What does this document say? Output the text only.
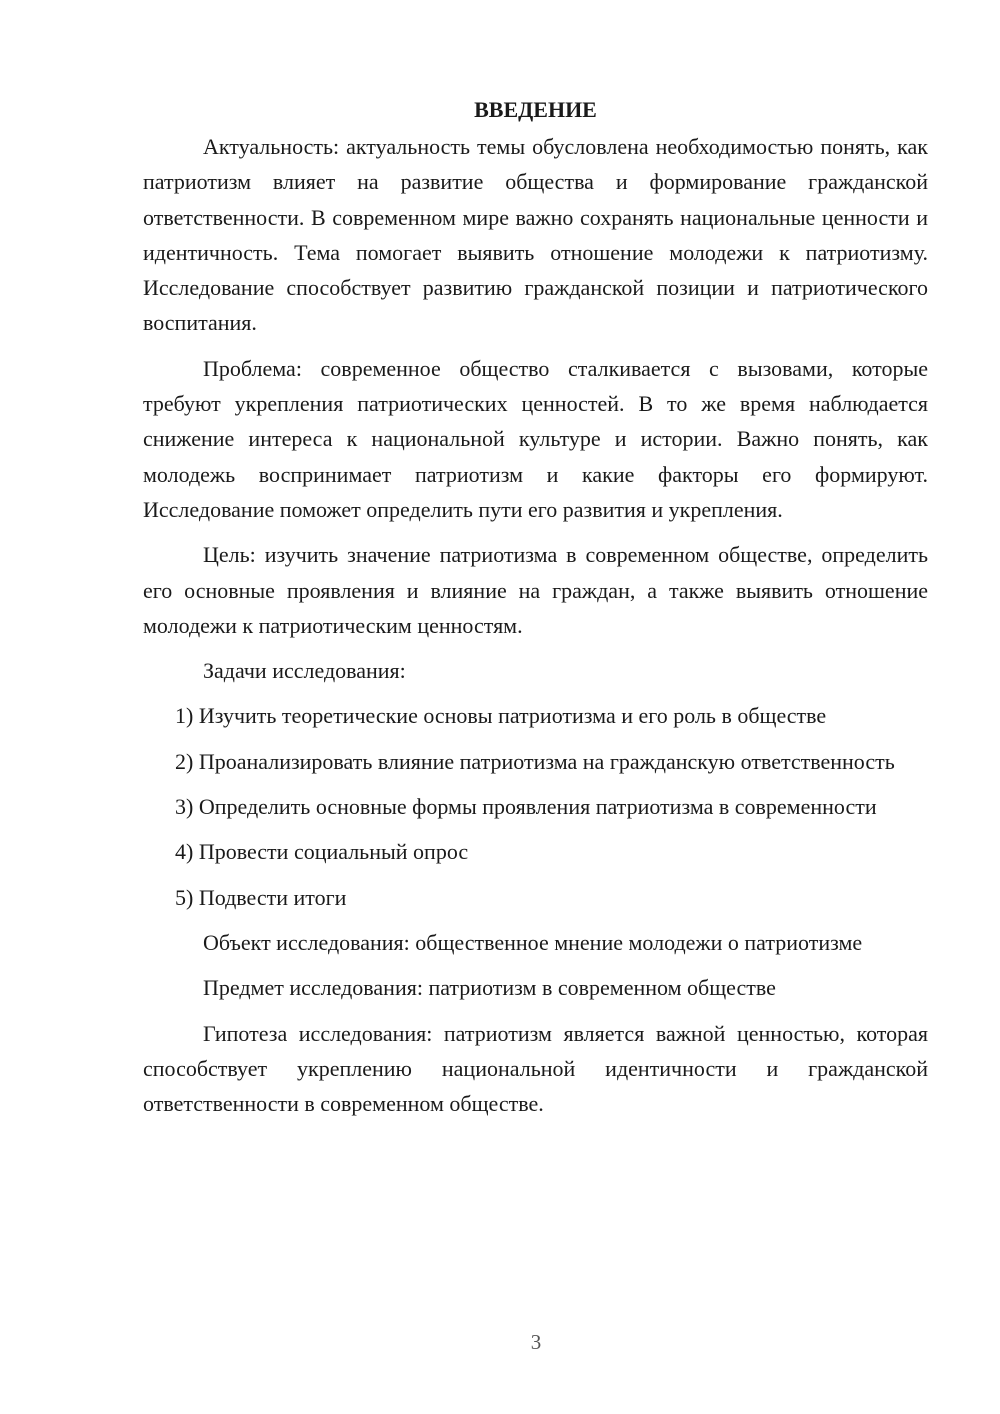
ВВЕДЕНИЕ

Актуальность: актуальность темы обусловлена необходимостью понять, как патриотизм влияет на развитие общества и формирование гражданской ответственности. В современном мире важно сохранять национальные ценности и идентичность. Тема помогает выявить отношение молодежи к патриотизму. Исследование способствует развитию гражданской позиции и патриотического воспитания.

Проблема: современное общество сталкивается с вызовами, которые требуют укрепления патриотических ценностей. В то же время наблюдается снижение интереса к национальной культуре и истории. Важно понять, как молодежь воспринимает патриотизм и какие факторы его формируют. Исследование поможет определить пути его развития и укрепления.

Цель: изучить значение патриотизма в современном обществе, определить его основные проявления и влияние на граждан, а также выявить отношение молодежи к патриотическим ценностям.

Задачи исследования:

1) Изучить теоретические основы патриотизма и его роль в обществе

2) Проанализировать влияние патриотизма на гражданскую ответственность

3) Определить основные формы проявления патриотизма в современности

4) Провести социальный опрос

5) Подвести итоги

Объект исследования: общественное мнение молодежи о патриотизме

Предмет исследования: патриотизм в современном обществе

Гипотеза исследования: патриотизм является важной ценностью, которая способствует укреплению национальной идентичности и гражданской ответственности в современном обществе.

3
